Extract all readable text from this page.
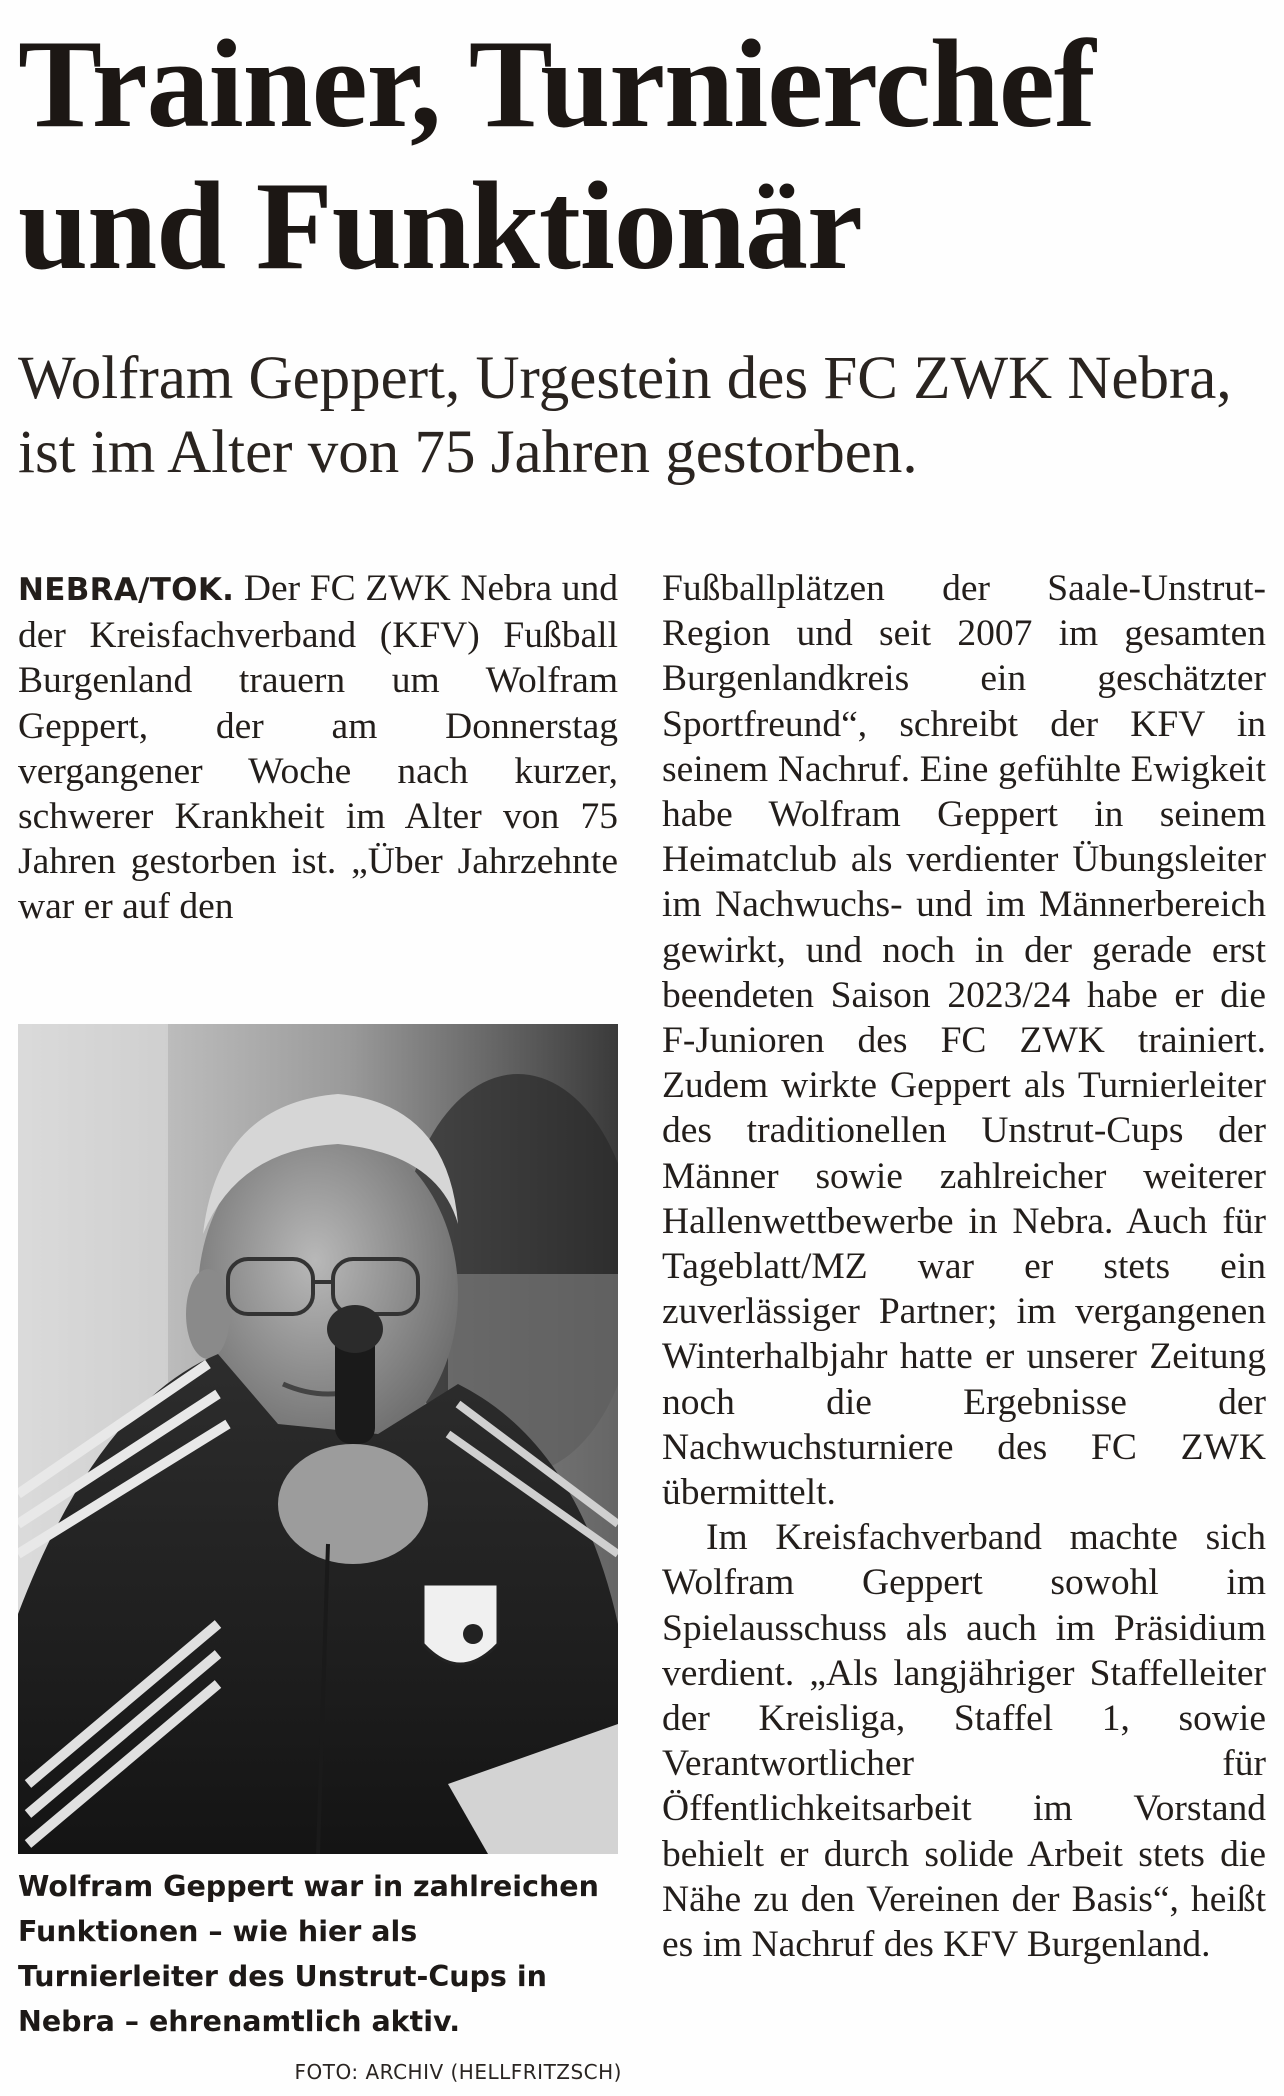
Trainer, Turnierchef und Funktionär
Wolfram Geppert, Urgestein des FC ZWK Nebra, ist im Alter von 75 Jahren gestorben.

NEBRA/TOK. Der FC ZWK Nebra und der Kreisfachverband (KFV) Fußball Burgenland trauern um Wolfram Geppert, der am Donnerstag vergangener Woche nach kurzer, schwerer Krankheit im Alter von 75 Jahren gestorben ist. „Über Jahrzehnte war er auf den

Wolfram Geppert war in zahlreichen Funktionen – wie hier als Turnierleiter des Unstrut-Cups in Nebra – ehrenamtlich aktiv.
FOTO: ARCHIV (HELLFRITZSCH)

Fußballplätzen der Saale-Unstrut-Region und seit 2007 im gesamten Burgenlandkreis ein geschätzter Sportfreund“, schreibt der KFV in seinem Nachruf. Eine gefühlte Ewigkeit habe Wolfram Geppert in seinem Heimatclub als verdienter Übungsleiter im Nachwuchs- und im Männerbereich gewirkt, und noch in der gerade erst beendeten Saison 2023/24 habe er die F-Junioren des FC ZWK trainiert. Zudem wirkte Geppert als Turnierleiter des traditionellen Unstrut-Cups der Männer sowie zahlreicher weiterer Hallenwettbewerbe in Nebra. Auch für Tageblatt/MZ war er stets ein zuverlässiger Partner; im vergangenen Winterhalbjahr hatte er unserer Zeitung noch die Ergebnisse der Nachwuchsturniere des FC ZWK übermittelt.

Im Kreisfachverband machte sich Wolfram Geppert sowohl im Spielausschuss als auch im Präsidium verdient. „Als langjähriger Staffelleiter der Kreisliga, Staffel 1, sowie Verantwortlicher für Öffentlichkeitsarbeit im Vorstand behielt er durch solide Arbeit stets die Nähe zu den Vereinen der Basis“, heißt es im Nachruf des KFV Burgenland.
